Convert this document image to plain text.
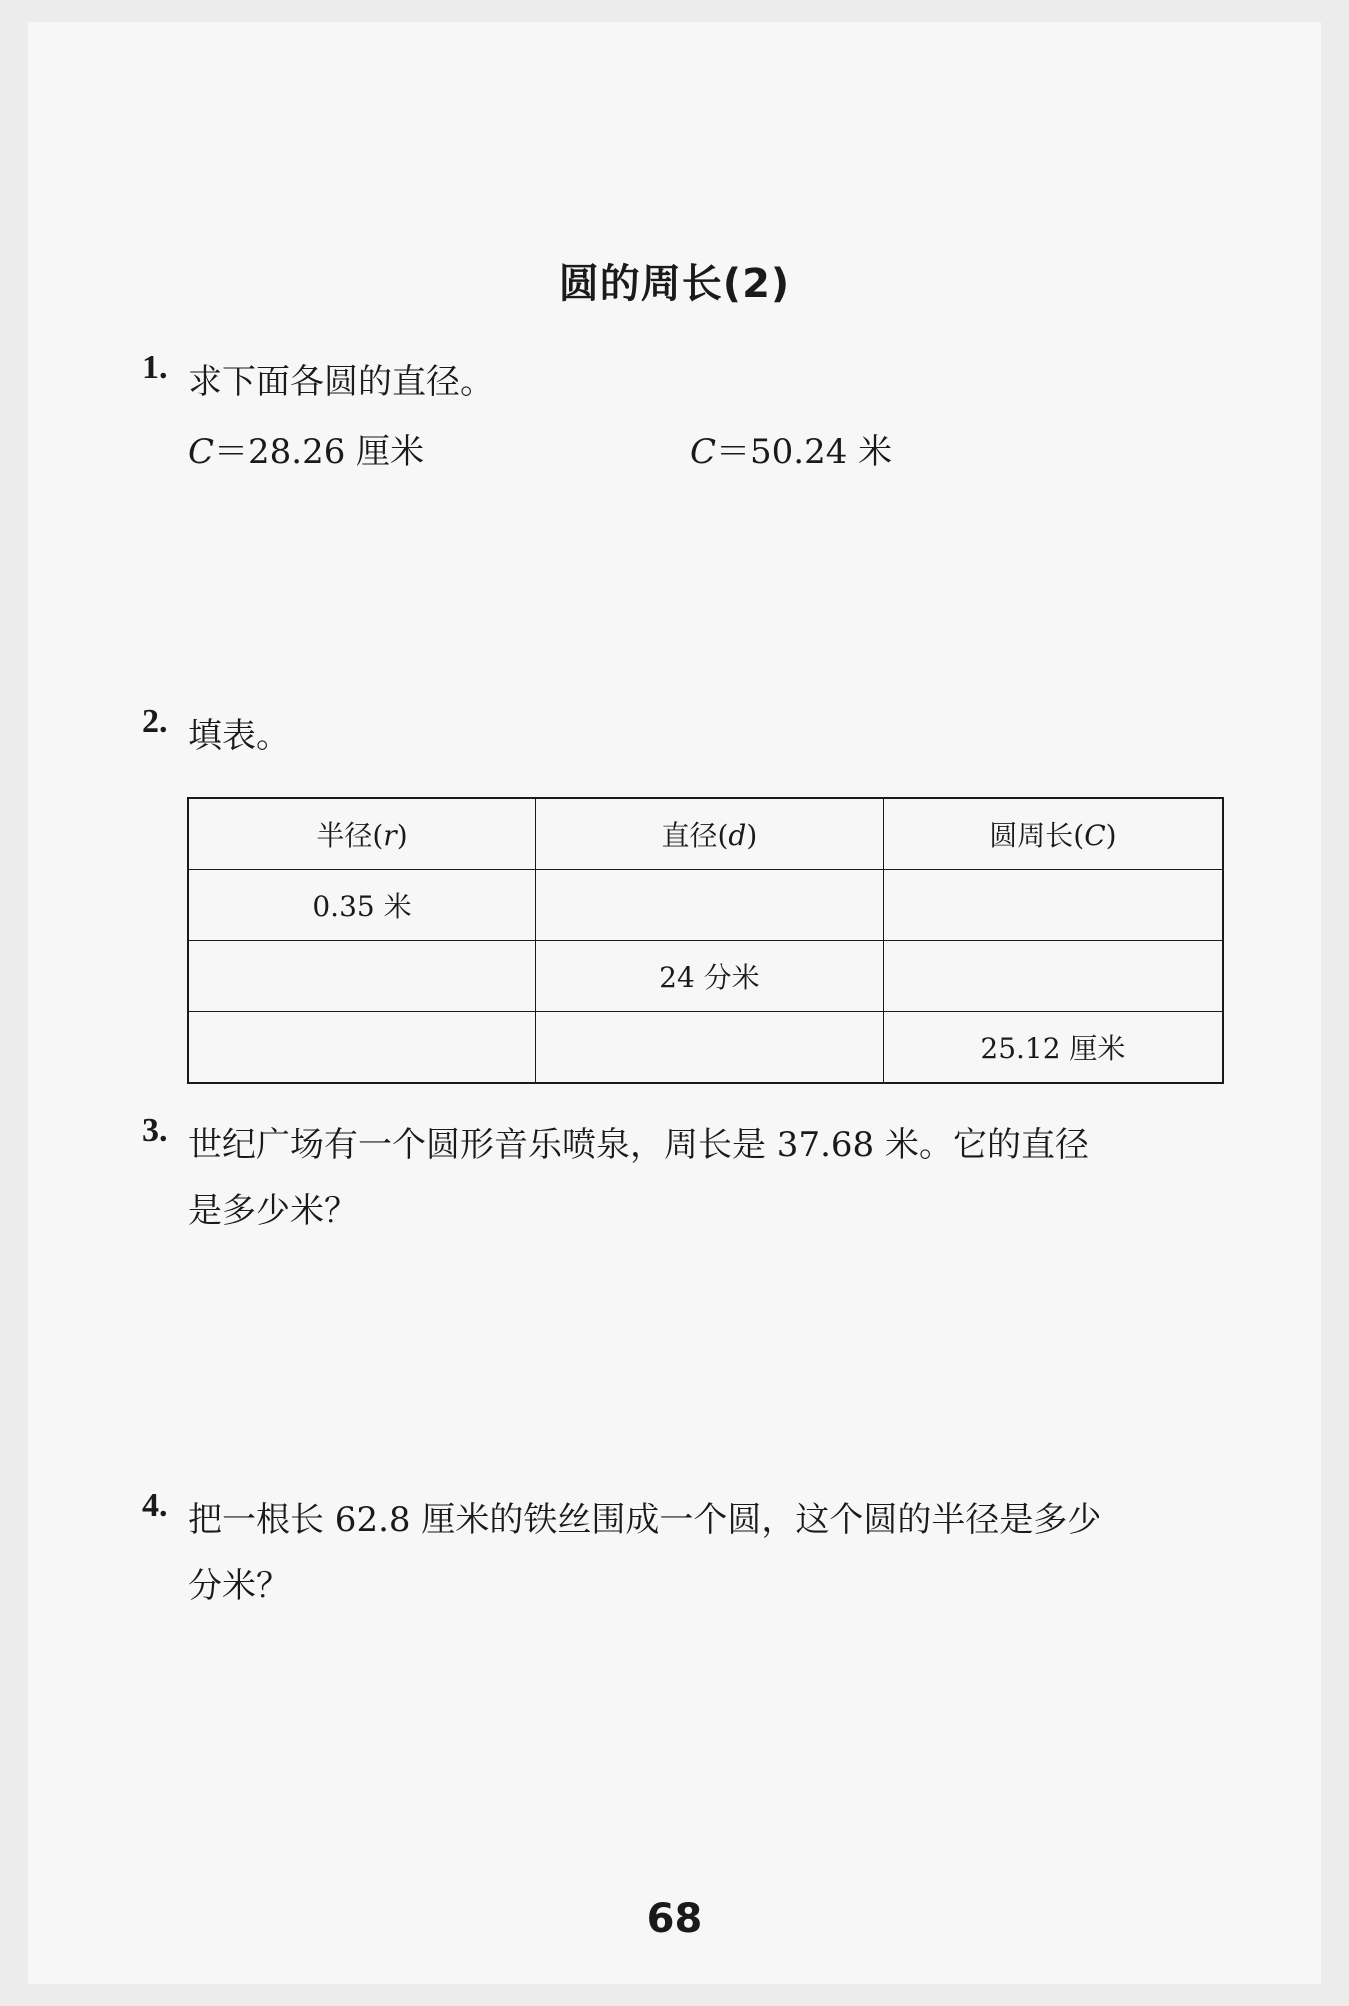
圆的周长(2)
1. 求下面各圆的直径。
C＝28.26 厘米	C＝50.24 米
2. 填表。
半径(r)	直径(d)	圆周长(C)
0.35 米		
	24 分米	
		25.12 厘米
3. 世纪广场有一个圆形音乐喷泉，周长是 37.68 米。它的直径
是多少米？
4. 把一根长 62.8 厘米的铁丝围成一个圆，这个圆的半径是多少
分米？
68
